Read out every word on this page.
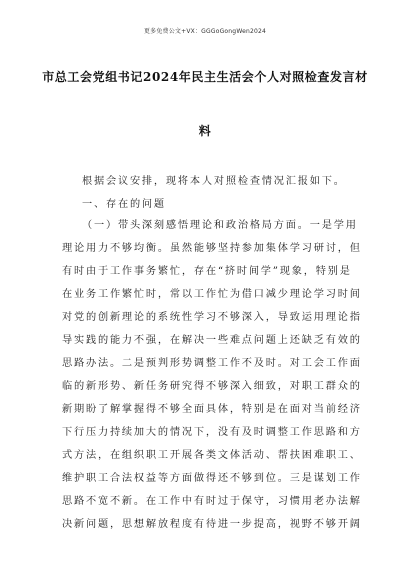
更多免费公文+VX：GGGoGongWen2024
市总工会党组书记2024年民主生活会个人对照检查发言材
料
根据会议安排，现将本人对照检查情况汇报如下。
一、存在的问题
（一）带头深刻感悟理论和政治格局方面。一是学用
理论用力不够均衡。虽然能够坚持参加集体学习研讨，但
有时由于工作事务繁忙，存在“挤时间学”现象，特别是
在业务工作繁忙时，常以工作忙为借口减少理论学习时间
对党的创新理论的系统性学习不够深入，导致运用理论指
导实践的能力不强，在解决一些难点问题上还缺乏有效的
思路办法。二是预判形势调整工作不及时。对工会工作面
临的新形势、新任务研究得不够深入细致，对职工群众的
新期盼了解掌握得不够全面具体，特别是在面对当前经济
下行压力持续加大的情况下，没有及时调整工作思路和方
式方法，在组织职工开展各类文体活动、帮扶困难职工、
维护职工合法权益等方面做得还不够到位。三是谋划工作
思路不宽不新。在工作中有时过于保守，习惯用老办法解
决新问题，思想解放程度有待进一步提高，视野不够开阔
